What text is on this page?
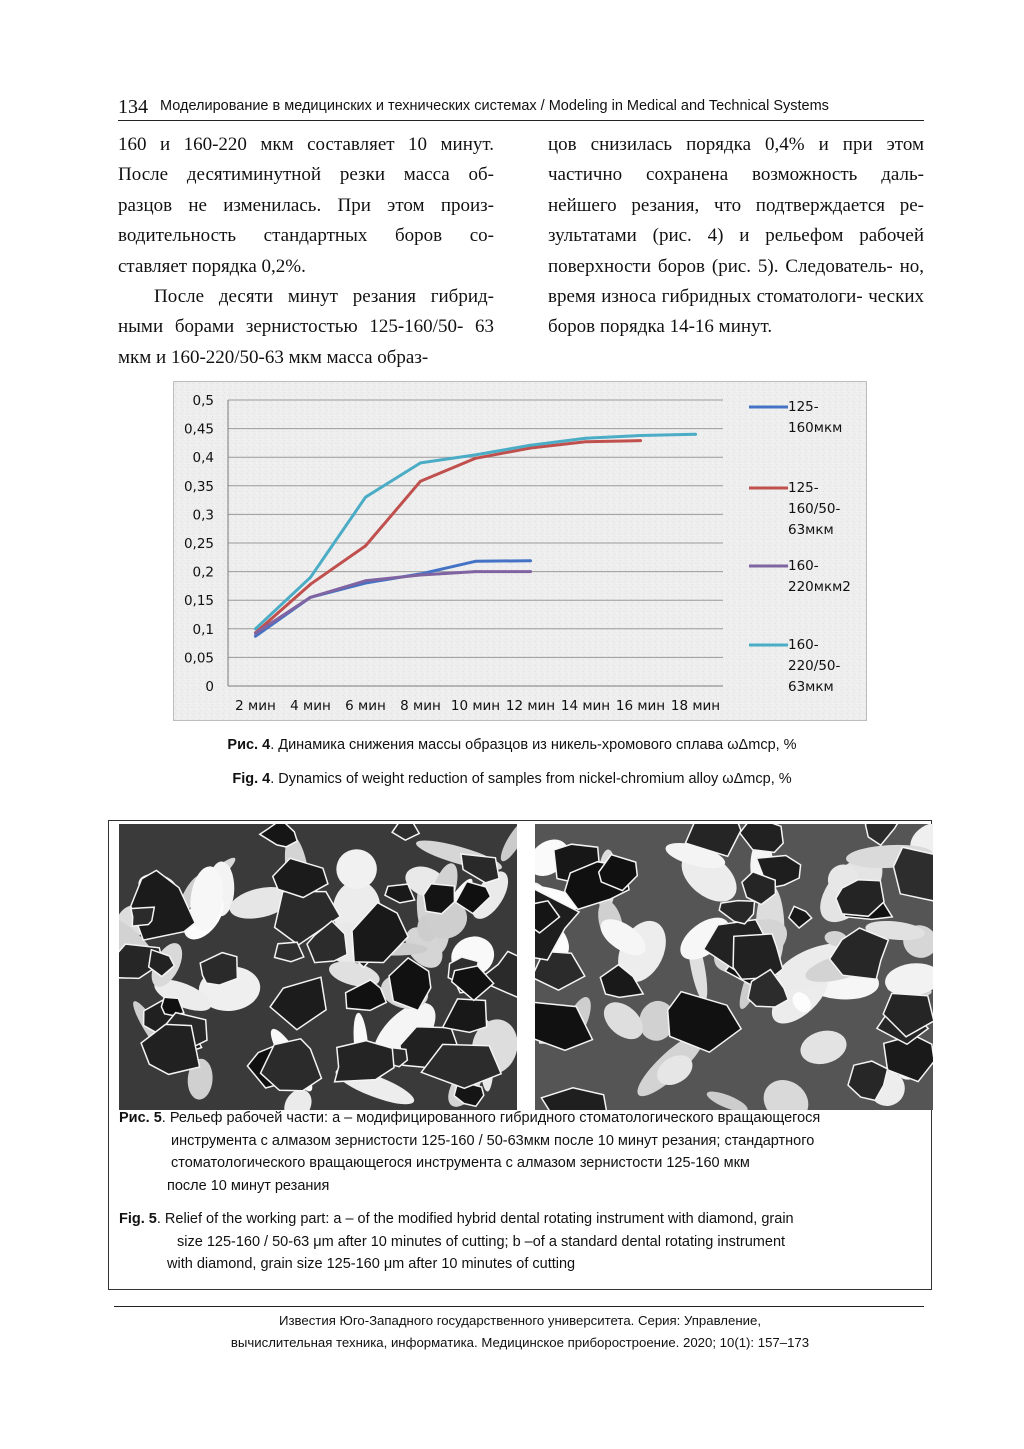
134 Моделирование в медицинских и технических системах / Modeling in Medical and Technical Systems

160 и 160-220 мкм составляет 10 минут. После десятиминутной резки масса об- разцов не изменилась. При этом произ- водительность стандартных боров со- ставляет порядка 0,2%.

После десяти минут резания гибрид- ными борами зернистостью 125-160/50- 63 мкм и 160-220/50-63 мкм масса образ-

цов снизилась порядка 0,4% и при этом частично сохранена возможность даль- нейшего резания, что подтверждается ре- зультатами (рис. 4) и рельефом рабочей поверхности боров (рис. 5). Следователь- но, время износа гибридных стоматологи- ческих боров порядка 14-16 минут.

0
0,05
0,1
0,15
0,2
0,25
0,3
0,35
0,4
0,45
0,5
2 мин 4 мин 6 мин 8 мин 10 мин 12 мин 14 мин 16 мин 18 мин
125-
160мкм
125-
160/50-
63мкм
160-
220мкм2
160-
220/50-
63мкм
Рис. 4. Динамика снижения массы образцов из никель-хромового сплава ωΔmcp, %
Fig. 4. Dynamics of weight reduction of samples from nickel-chromium alloy ωΔmcp, %
Рис. 5. Рельеф рабочей части: а – модифицированного гибридного стоматологического вращающегося
инструмента с алмазом зернистости 125-160 / 50-63мкм после 10 минут резания; стандартного
стоматологического вращающегося инструмента с алмазом зернистости 125-160 мкм
после 10 минут резания
Fig. 5. Relief of the working part: a – of the modified hybrid dental rotating instrument with diamond, grain
size 125-160 / 50-63 μm after 10 minutes of cutting; b –of a standard dental rotating instrument
with diamond, grain size 125-160 μm after 10 minutes of cutting
Известия Юго-Западного государственного университета. Серия: Управление,
вычислительная техника, информатика. Медицинское приборостроение. 2020; 10(1): 157–173
